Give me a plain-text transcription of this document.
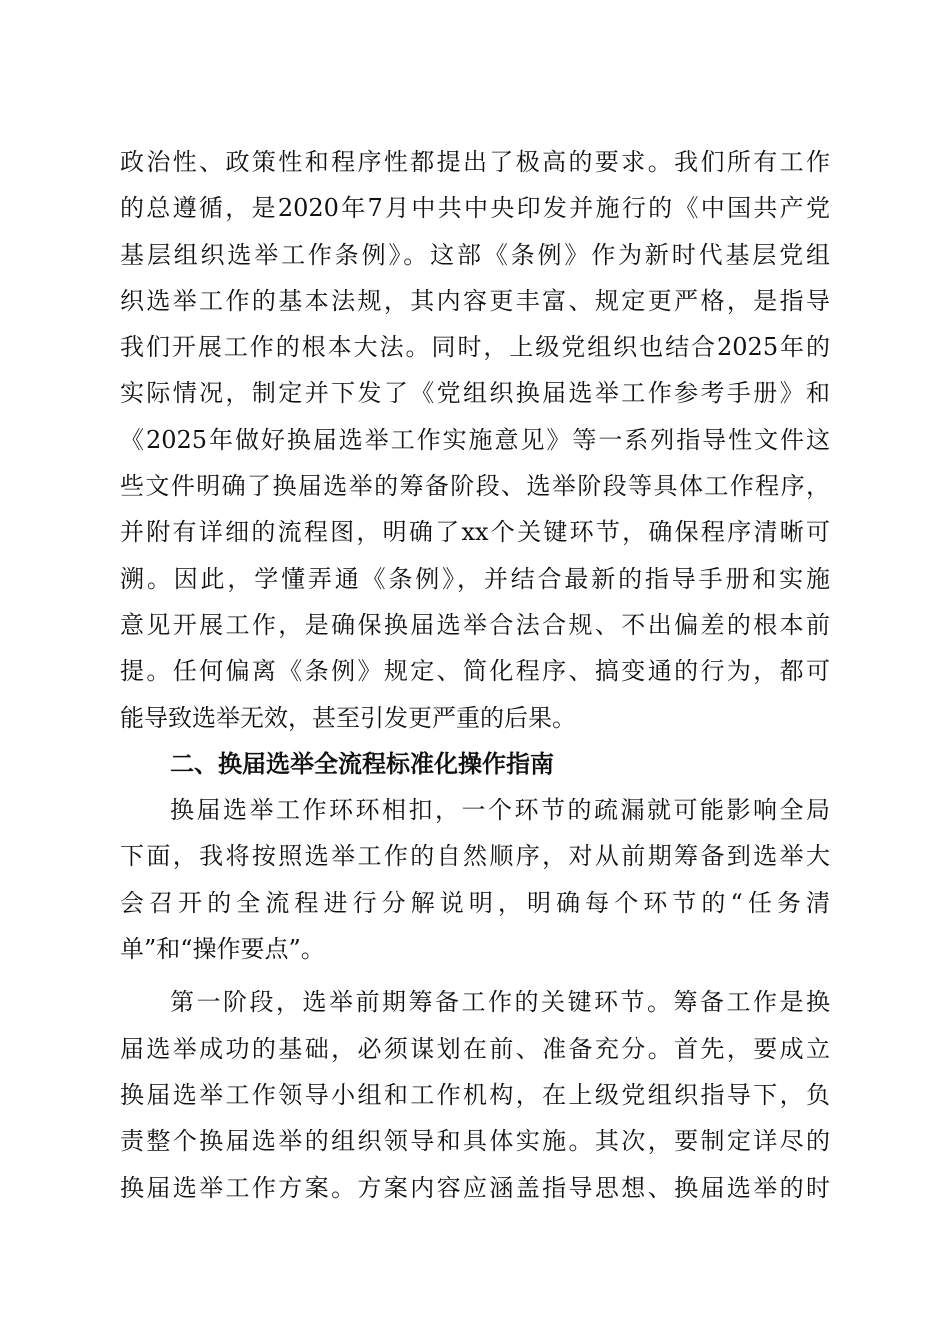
政治性、政策性和程序性都提出了极高的要求。我们所有工作
的总遵循，是2020年7月中共中央印发并施行的《中国共产党
基层组织选举工作条例》。这部《条例》作为新时代基层党组
织选举工作的基本法规，其内容更丰富、规定更严格，是指导
我们开展工作的根本大法。同时，上级党组织也结合2025年的
实际情况，制定并下发了《党组织换届选举工作参考手册》和
《2025年做好换届选举工作实施意见》等一系列指导性文件这
些文件明确了换届选举的筹备阶段、选举阶段等具体工作程序，
并附有详细的流程图，明确了xx个关键环节，确保程序清晰可
溯。因此，学懂弄通《条例》，并结合最新的指导手册和实施
意见开展工作，是确保换届选举合法合规、不出偏差的根本前
提。任何偏离《条例》规定、简化程序、搞变通的行为，都可
能导致选举无效，甚至引发更严重的后果。
二、换届选举全流程标准化操作指南
换届选举工作环环相扣，一个环节的疏漏就可能影响全局
下面，我将按照选举工作的自然顺序，对从前期筹备到选举大
会召开的全流程进行分解说明，明确每个环节的“任务清
单”和“操作要点”。
第一阶段，选举前期筹备工作的关键环节。筹备工作是换
届选举成功的基础，必须谋划在前、准备充分。首先，要成立
换届选举工作领导小组和工作机构，在上级党组织指导下，负
责整个换届选举的组织领导和具体实施。其次，要制定详尽的
换届选举工作方案。方案内容应涵盖指导思想、换届选举的时
